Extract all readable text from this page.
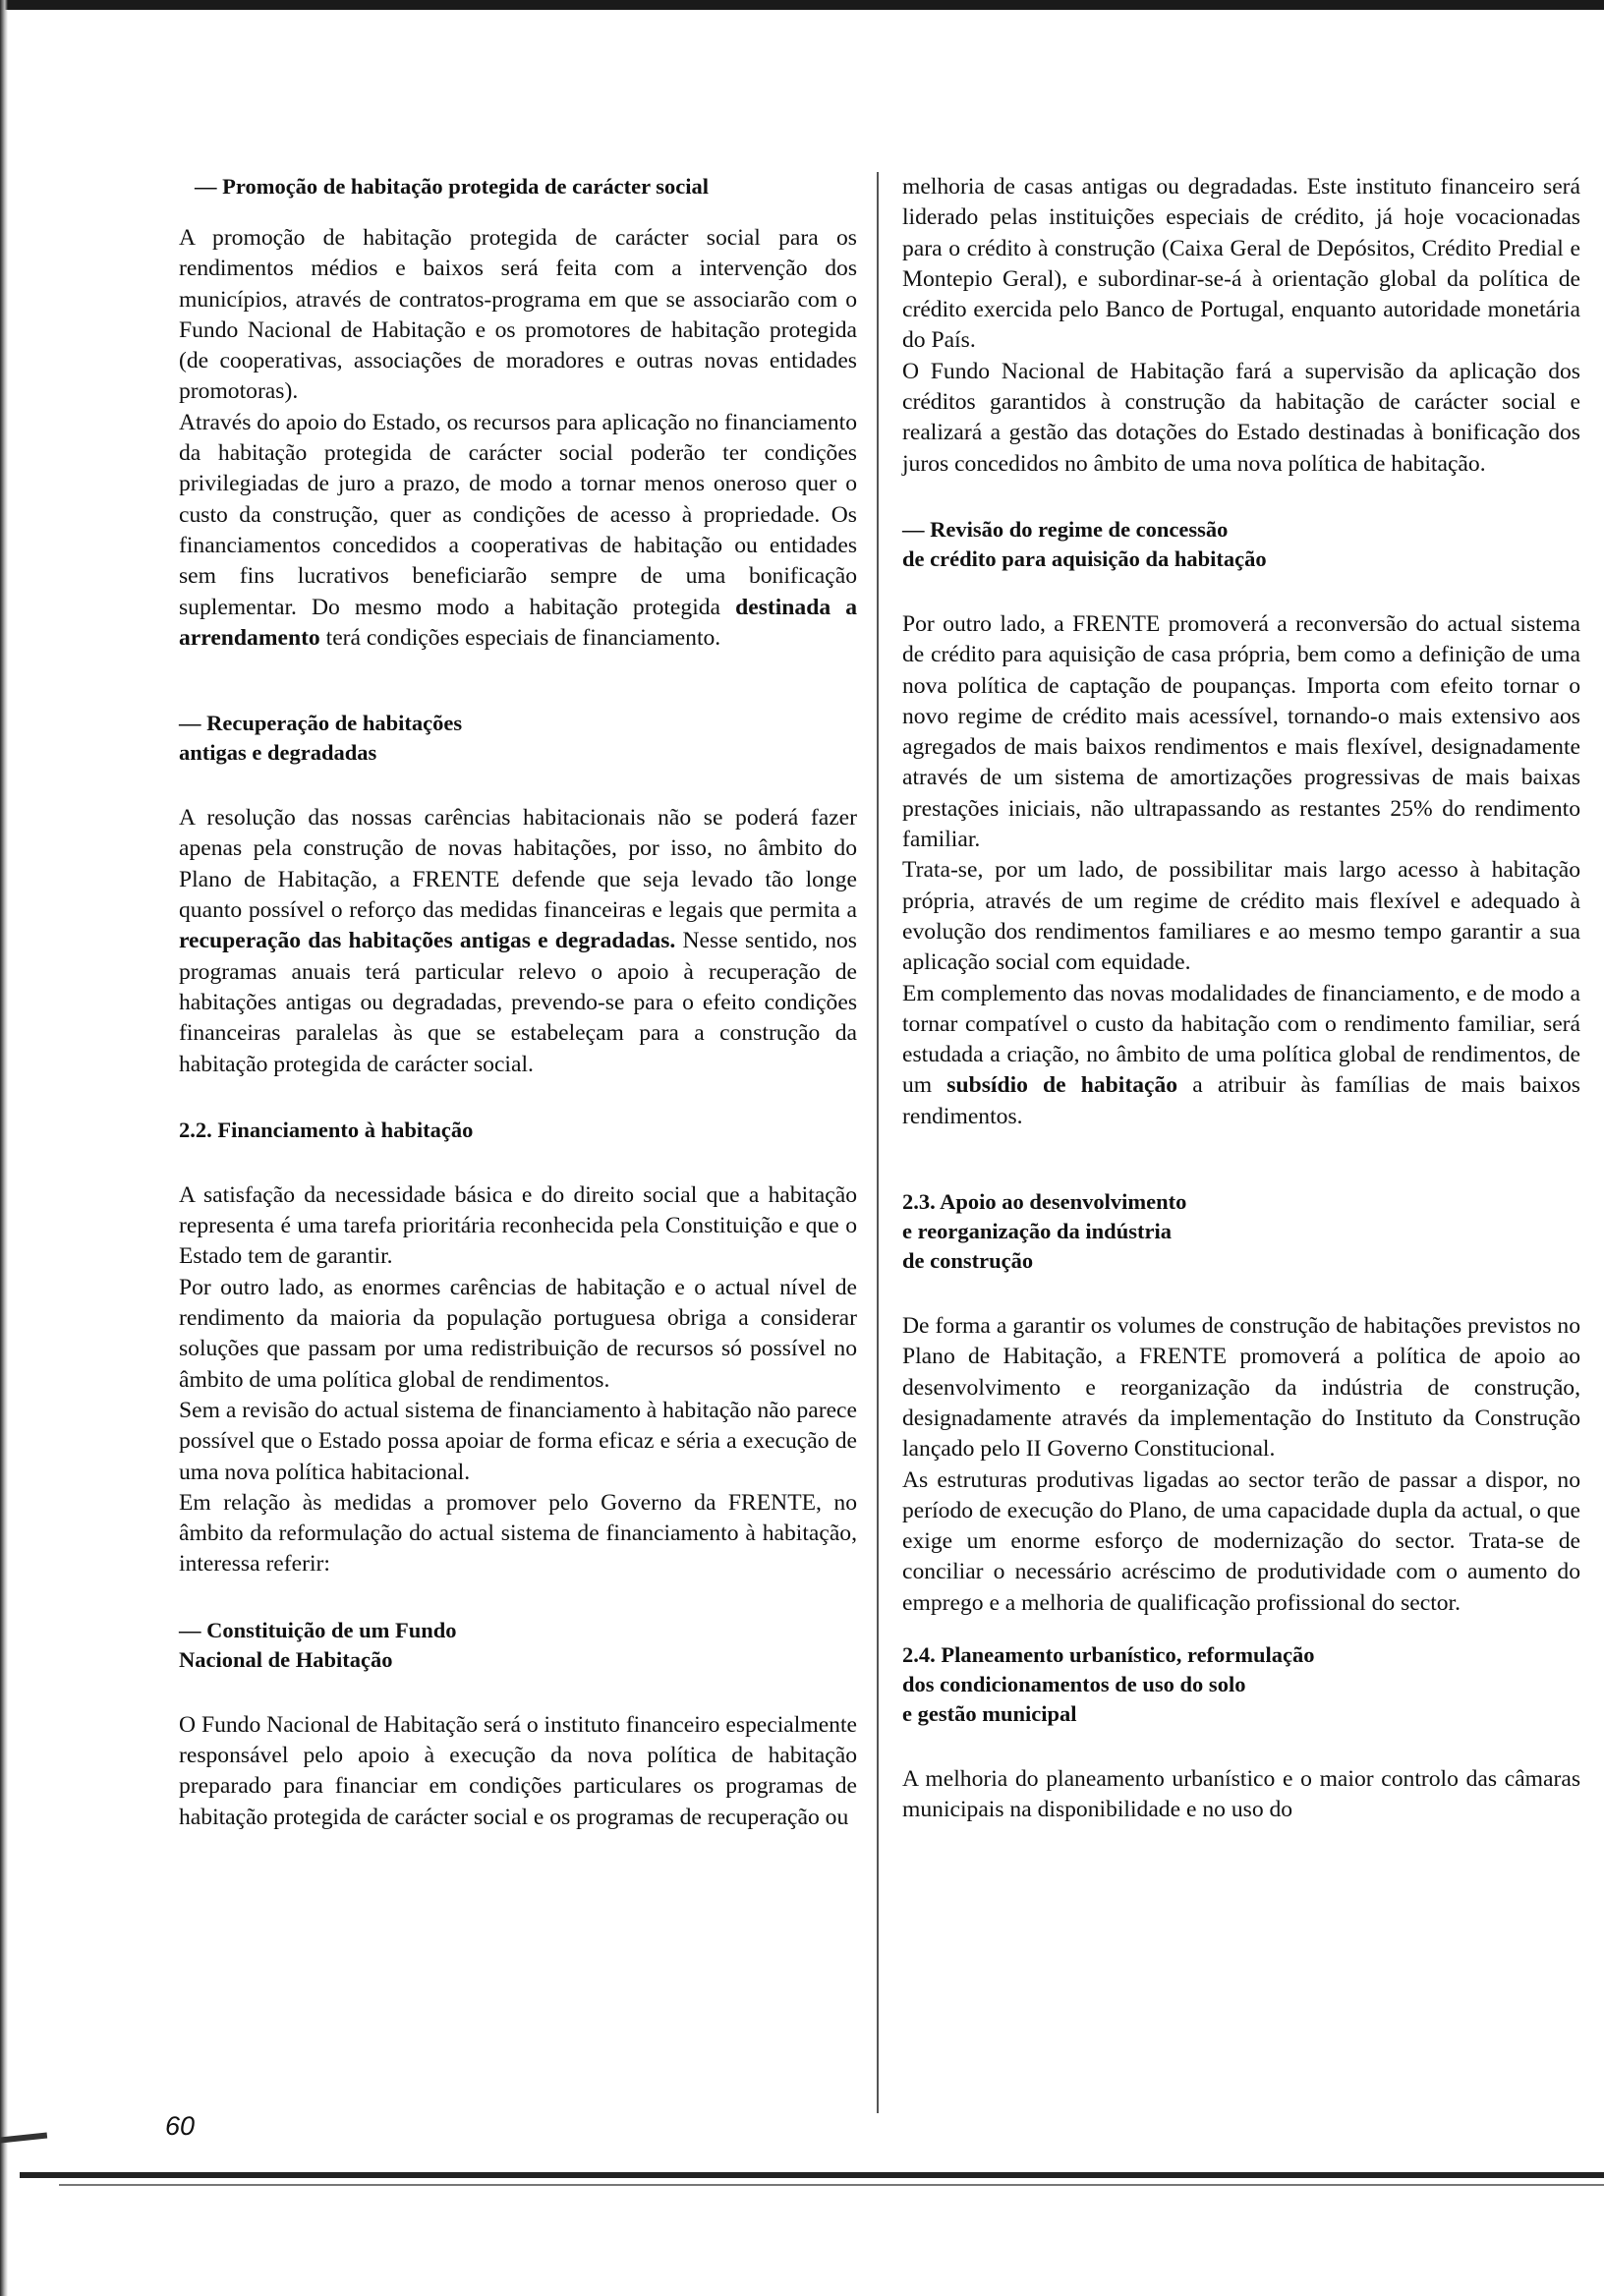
— Promoção de habitação protegida de carácter social

A promoção de habitação protegida de carácter social para os rendimentos médios e baixos será feita com a intervenção dos municípios, através de contratos-programa em que se associarão com o Fundo Nacional de Habitação e os promotores de habitação protegida (de cooperativas, associações de moradores e outras novas entidades promotoras).

Através do apoio do Estado, os recursos para aplicação no financiamento da habitação protegida de carácter social poderão ter condições privilegiadas de juro a prazo, de modo a tornar menos oneroso quer o custo da construção, quer as condições de acesso à propriedade. Os financiamentos concedidos a cooperativas de habitação ou entidades sem fins lucrativos beneficiarão sempre de uma bonificação suplementar. Do mesmo modo a habitação protegida destinada a arrendamento terá condições especiais de financiamento.

— Recuperação de habitações
antigas e degradadas

A resolução das nossas carências habitacionais não se poderá fazer apenas pela construção de novas habitações, por isso, no âmbito do Plano de Habitação, a FRENTE defende que seja levado tão longe quanto possível o reforço das medidas financeiras e legais que permita a recuperação das habitações antigas e degradadas. Nesse sentido, nos programas anuais terá particular relevo o apoio à recuperação de habitações antigas ou degradadas, prevendo-se para o efeito condições financeiras paralelas às que se estabeleçam para a construção da habitação protegida de carácter social.

2.2. Financiamento à habitação

A satisfação da necessidade básica e do direito social que a habitação representa é uma tarefa prioritária reconhecida pela Constituição e que o Estado tem de garantir.

Por outro lado, as enormes carências de habitação e o actual nível de rendimento da maioria da população portuguesa obriga a considerar soluções que passam por uma redistribuição de recursos só possível no âmbito de uma política global de rendimentos.

Sem a revisão do actual sistema de financiamento à habitação não parece possível que o Estado possa apoiar de forma eficaz e séria a execução de uma nova política habitacional.

Em relação às medidas a promover pelo Governo da FRENTE, no âmbito da reformulação do actual sistema de financiamento à habitação, interessa referir:

— Constituição de um Fundo
Nacional de Habitação

O Fundo Nacional de Habitação será o instituto financeiro especialmente responsável pelo apoio à execução da nova política de habitação preparado para financiar em condições particulares os programas de habitação protegida de carácter social e os programas de recuperação ou

melhoria de casas antigas ou degradadas. Este instituto financeiro será liderado pelas instituições especiais de crédito, já hoje vocacionadas para o crédito à construção (Caixa Geral de Depósitos, Crédito Predial e Montepio Geral), e subordinar-se-á à orientação global da política de crédito exercida pelo Banco de Portugal, enquanto autoridade monetária do País.

O Fundo Nacional de Habitação fará a supervisão da aplicação dos créditos garantidos à construção da habitação de carácter social e realizará a gestão das dotações do Estado destinadas à bonificação dos juros concedidos no âmbito de uma nova política de habitação.

— Revisão do regime de concessão
de crédito para aquisição da habitação

Por outro lado, a FRENTE promoverá a reconversão do actual sistema de crédito para aquisição de casa própria, bem como a definição de uma nova política de captação de poupanças. Importa com efeito tornar o novo regime de crédito mais acessível, tornando-o mais extensivo aos agregados de mais baixos rendimentos e mais flexível, designadamente através de um sistema de amortizações progressivas de mais baixas prestações iniciais, não ultrapassando as restantes 25% do rendimento familiar.

Trata-se, por um lado, de possibilitar mais largo acesso à habitação própria, através de um regime de crédito mais flexível e adequado à evolução dos rendimentos familiares e ao mesmo tempo garantir a sua aplicação social com equidade.

Em complemento das novas modalidades de financiamento, e de modo a tornar compatível o custo da habitação com o rendimento familiar, será estudada a criação, no âmbito de uma política global de rendimentos, de um subsídio de habitação a atribuir às famílias de mais baixos rendimentos.

2.3. Apoio ao desenvolvimento
e reorganização da indústria
de construção

De forma a garantir os volumes de construção de habitações previstos no Plano de Habitação, a FRENTE promoverá a política de apoio ao desenvolvimento e reorganização da indústria de construção, designadamente através da implementação do Instituto da Construção lançado pelo II Governo Constitucional.

As estruturas produtivas ligadas ao sector terão de passar a dispor, no período de execução do Plano, de uma capacidade dupla da actual, o que exige um enorme esforço de modernização do sector. Trata-se de conciliar o necessário acréscimo de produtividade com o aumento do emprego e a melhoria de qualificação profissional do sector.

2.4. Planeamento urbanístico, reformulação
dos condicionamentos de uso do solo
e gestão municipal

A melhoria do planeamento urbanístico e o maior controlo das câmaras municipais na disponibilidade e no uso do

60
